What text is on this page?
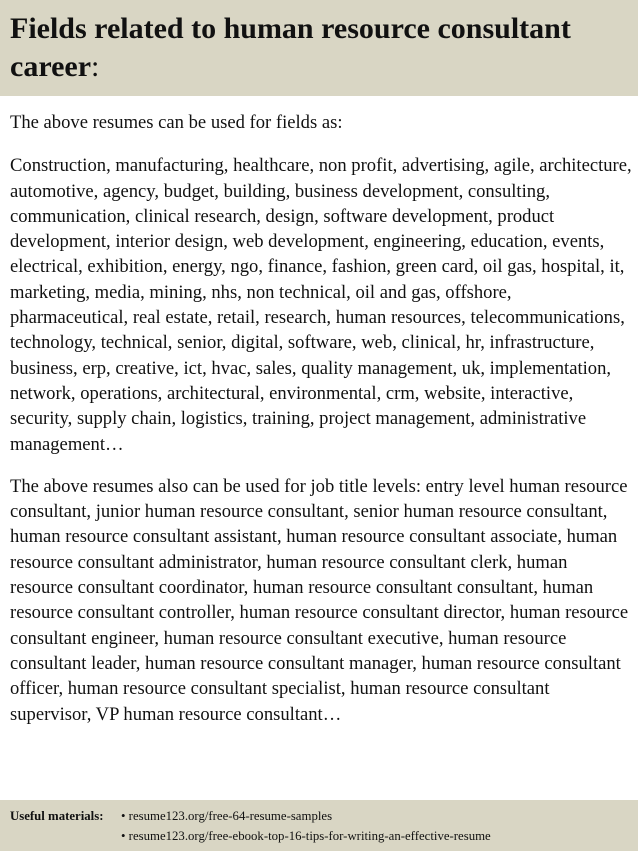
Fields related to human resource consultant career:

The above resumes can be used for fields as:

Construction, manufacturing, healthcare, non profit, advertising, agile, architecture, automotive, agency, budget, building, business development, consulting, communication, clinical research, design, software development, product development, interior design, web development, engineering, education, events, electrical, exhibition, energy, ngo, finance, fashion, green card, oil gas, hospital, it, marketing, media, mining, nhs, non technical, oil and gas, offshore, pharmaceutical, real estate, retail, research, human resources, telecommunications, technology, technical, senior, digital, software, web, clinical, hr, infrastructure, business, erp, creative, ict, hvac, sales, quality management, uk, implementation, network, operations, architectural, environmental, crm, website, interactive, security, supply chain, logistics, training, project management, administrative management…

The above resumes also can be used for job title levels: entry level human resource consultant, junior human resource consultant, senior human resource consultant, human resource consultant assistant, human resource consultant associate, human resource consultant administrator, human resource consultant clerk, human resource consultant coordinator, human resource consultant consultant, human resource consultant controller, human resource consultant director, human resource consultant engineer, human resource consultant executive, human resource consultant leader, human resource consultant manager, human resource consultant officer, human resource consultant specialist, human resource consultant supervisor, VP human resource consultant…

Useful materials:	• resume123.org/free-64-resume-samples
• resume123.org/free-ebook-top-16-tips-for-writing-an-effective-resume
